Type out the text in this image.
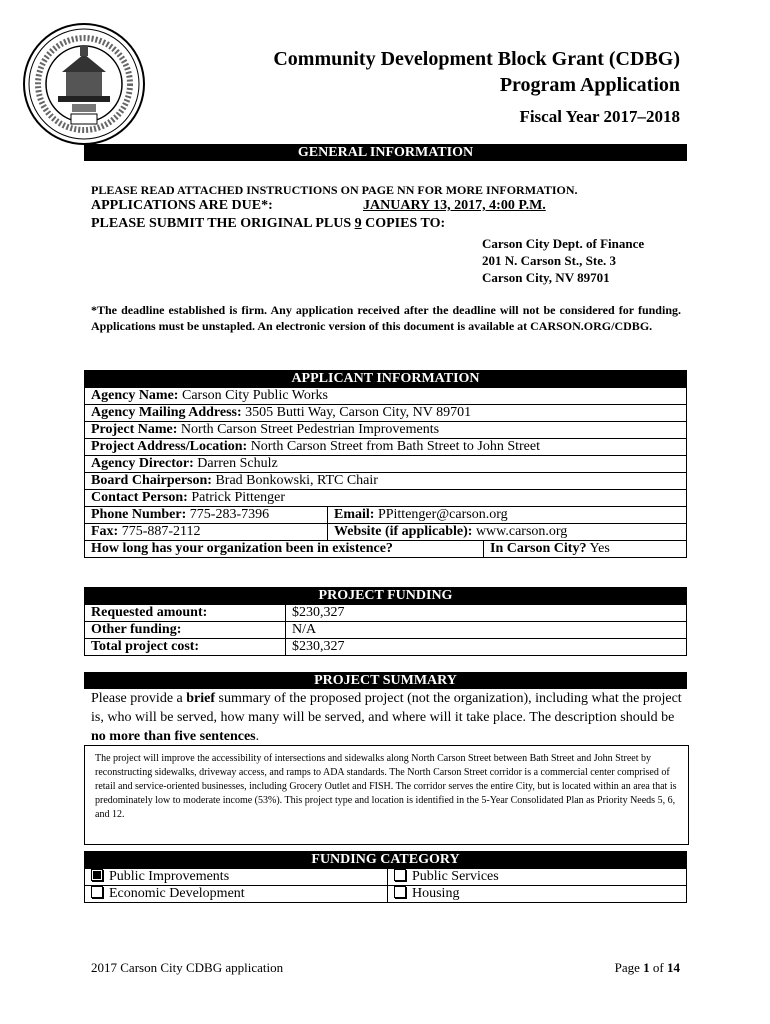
Community Development Block Grant (CDBG)
Program Application
Fiscal Year 2017–2018
GENERAL INFORMATION
PLEASE READ ATTACHED INSTRUCTIONS ON PAGE NN FOR MORE INFORMATION.
APPLICATIONS ARE DUE*:	JANUARY 13, 2017, 4:00 P.M.
PLEASE SUBMIT THE ORIGINAL PLUS 9 COPIES TO:
Carson City Dept. of Finance
201 N. Carson St., Ste. 3
Carson City, NV 89701
*The deadline established is firm. Any application received after the deadline will not be considered for funding. Applications must be unstapled. An electronic version of this document is available at CARSON.ORG/CDBG.
APPLICANT INFORMATION		
Agency Name: Carson City Public Works		
Agency Mailing Address: 3505 Butti Way, Carson City, NV 89701		
Project Name: North Carson Street Pedestrian Improvements		
Project Address/Location: North Carson Street from Bath Street to John Street		
Agency Director: Darren Schulz		
Board Chairperson: Brad Bonkowski, RTC Chair		
Contact Person: Patrick Pittenger		
Phone Number: 775-283-7396	Email: PPittenger@carson.org	
Fax: 775-887-2112	Website (if applicable): www.carson.org	
How long has your organization been in existence?		In Carson City? Yes
PROJECT FUNDING	
Requested amount:	$230,327
Other funding:	N/A
Total project cost:	$230,327
PROJECT SUMMARY
Please provide a brief summary of the proposed project (not the organization), including what the project is, who will be served, how many will be served, and where will it take place. The description should be no more than five sentences.
The project will improve the accessibility of intersections and sidewalks along North Carson Street between Bath Street and John Street by reconstructing sidewalks, driveway access, and ramps to ADA standards. The North Carson Street corridor is a commercial center comprised of retail and service-oriented businesses, including Grocery Outlet and FISH. The corridor serves the entire City, but is located within an area that is predominately low to moderate income (53%). This project type and location is identified in the 5-Year Consolidated Plan as Priority Needs 5, 6, and 12.
FUNDING CATEGORY	
Public Improvements	Public Services
Economic Development	Housing
2017 Carson City CDBG application	Page 1 of 14
